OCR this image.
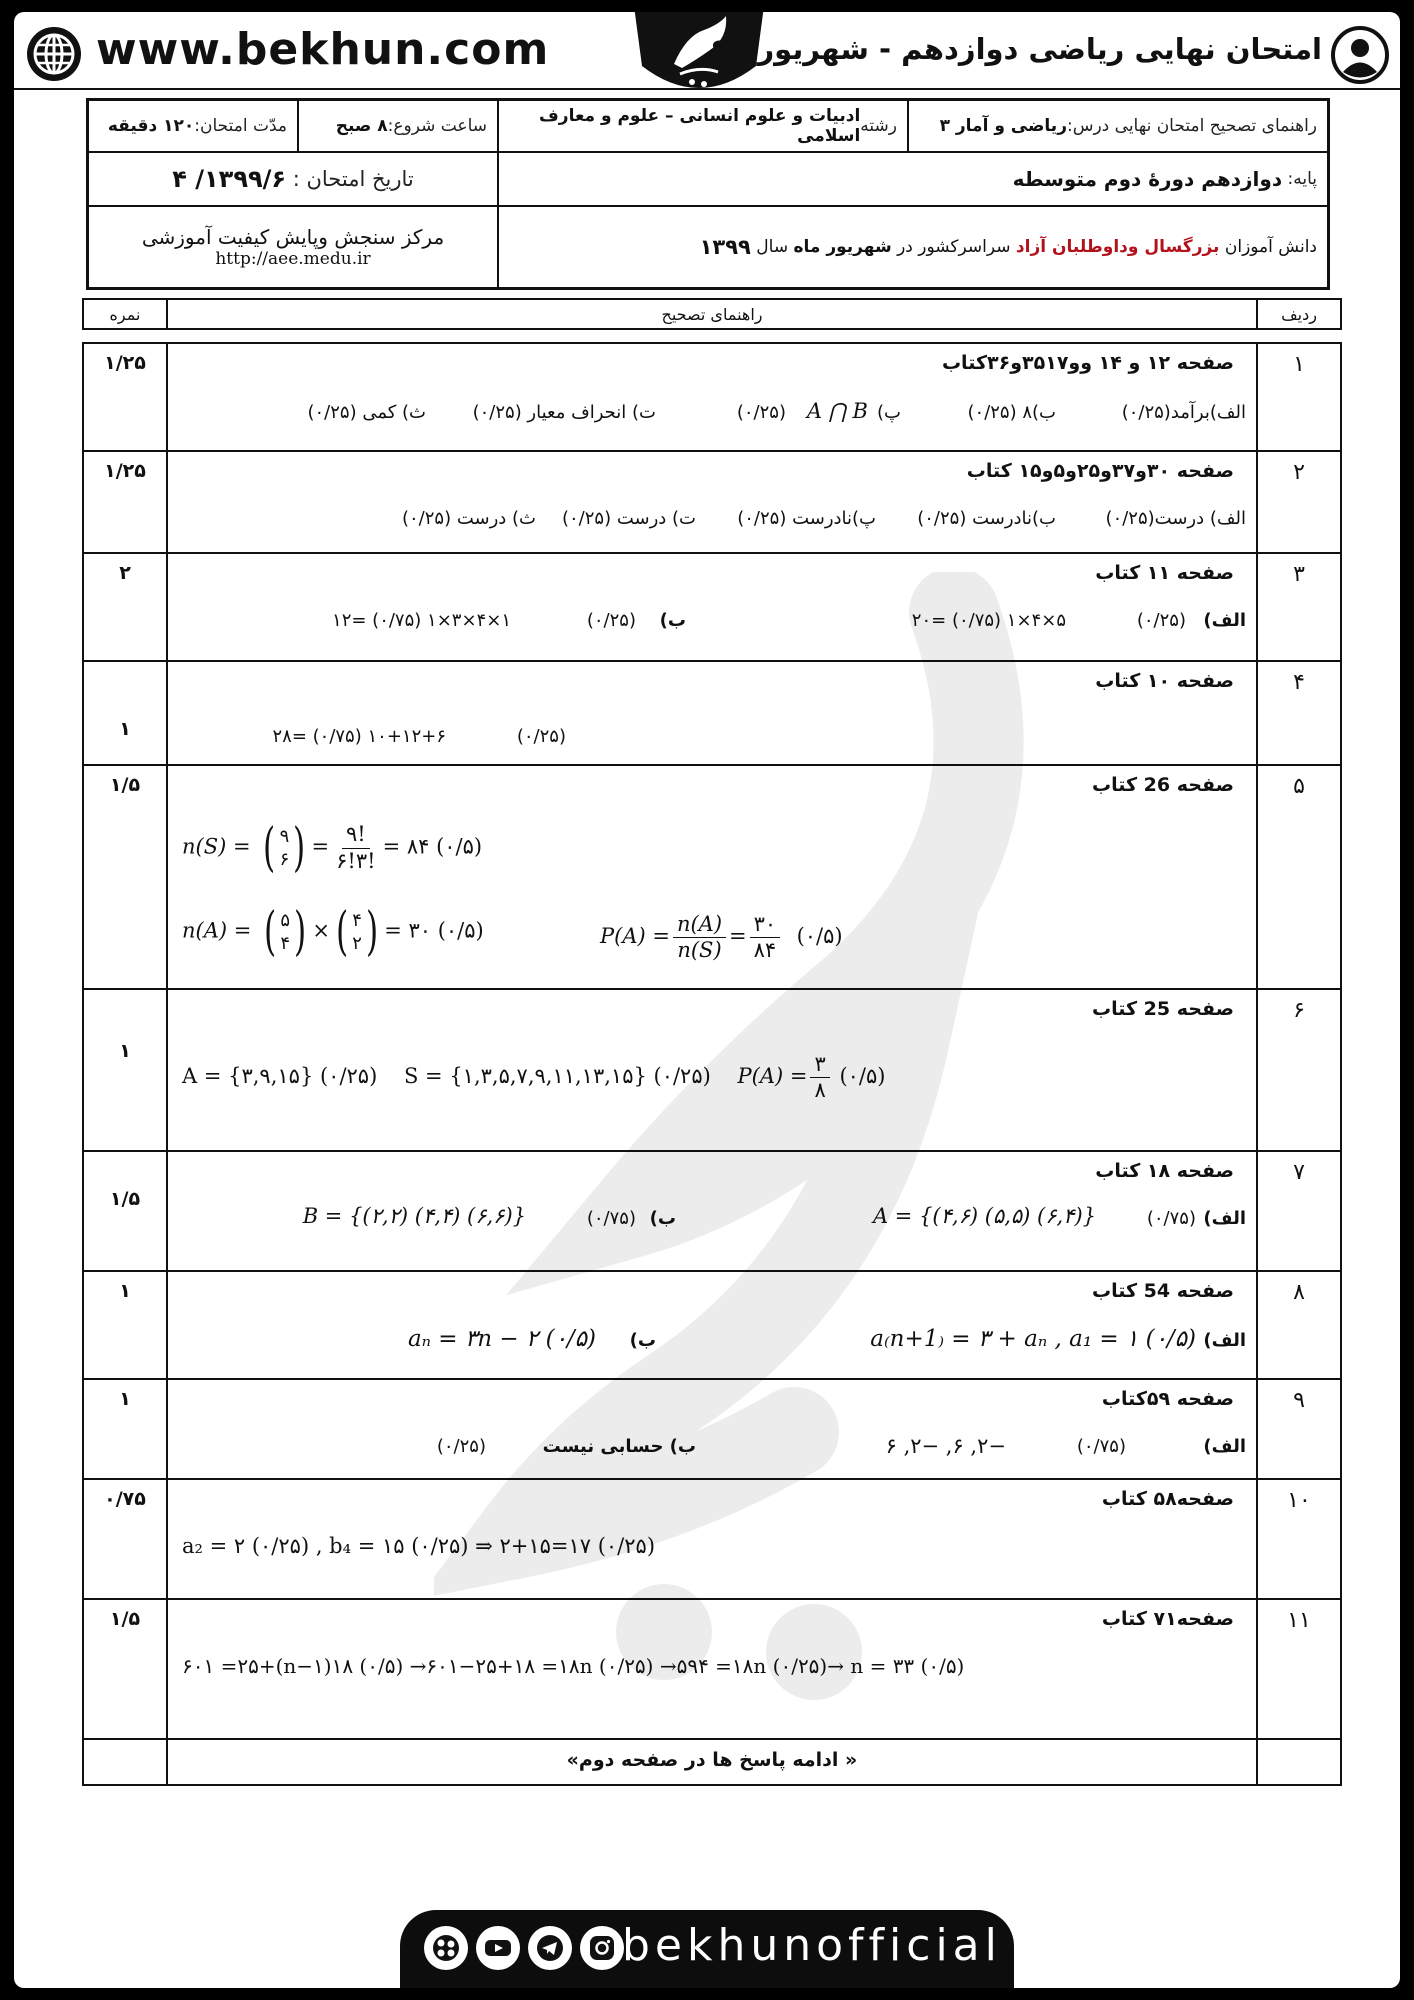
www.bekhun.com	امتحان نهایی ریاضی دوازدهم - شهریور ۹۹
راهنمای تصحیح امتحان نهایی درس:
ریاضی و آمار ۳
رشته
ادبیات و علوم انسانی – علوم و معارف اسلامی
ساعت شروع:
۸ صبح
مدّت امتحان:
۱۲۰ دقیقه
پایه:

دوازدهم دورهٔ دوم متوسطه
تاریخ امتحان :

۱۳۹۹/۶/ ۴
دانش آموزان

بزرگسال وداوطلبان آزاد

سراسرکشور در

شهریور ماه

سال

۱۳۹۹
مرکز سنجش وپایش کیفیت آموزشی
http://aee.medu.ir
ردیف
راهنمای تصحیح
نمره
۱
صفحه ۱۲ و ۱۴ وو۳۵۱۷و۳۶کتاب
الف)برآمد(۰/۲۵)
ب)۸ (۰/۲۵)
پ)
A ⋂ B
(۰/۲۵)
ت) انحراف معیار (۰/۲۵)
ث) کمی (۰/۲۵)
۱/۲۵
۲
صفحه ۳۰و۳۷و۲۵و۵و۱۵ کتاب
الف) درست(۰/۲۵)
ب)نادرست (۰/۲۵)
پ)نادرست (۰/۲۵)
ت) درست (۰/۲۵)
ث) درست (۰/۲۵)
۱/۲۵
۳
صفحه ۱۱ کتاب
الف)
(۰/۲۵)
۵×۴×۱ (۰/۷۵) =۲۰
ب)
(۰/۲۵)
۱×۴×۳×۱ (۰/۷۵) =۱۲
۲
۴
صفحه ۱۰ کتاب
(۰/۲۵)
۱۰+۱۲+۶ (۰/۷۵) =۲۸
۱
۵
صفحه 26 کتاب
n(S) = ( ۹
۶ ) = $\frac{۹!}{۶!۳!}$ = ۸۴ (۰/۵)
n(A) = ( ۵
۴ ) × ( ۴
۲ ) = ۳۰ (۰/۵)	$P(A) = \frac{n(A)}{n(S)} = \frac{۳۰}{۸۴}$ (۰/۵)
۱/۵
۶
صفحه 25 کتاب
A = {۳,۹,۱۵} (۰/۲۵) S = {۱,۳,۵,۷,۹,۱۱,۱۳,۱۵} (۰/۲۵) $P(A) = \frac{۳}{۸}$ (۰/۵)
۱
۷
صفحه ۱۸ کتاب
الف)
(۰/۷۵)
A = {(۴,۶) (۵,۵) (۶,۴)}
ب)
(۰/۷۵)
B = {(۲,۲) (۴,۴) (۶,۶)}
۱/۵
۸
صفحه 54 کتاب
الف)
a₍n+1₎ = ۳ + aₙ , a₁ = ۱ (۰/۵)
ب)
aₙ = ۳n − ۲ (۰/۵)
۱
۹
صفحه ۵۹کتاب
الف)
(۰/۷۵)
۶ ,۲− ,۶ ,۲−
ب) حسابی نیست
(۰/۲۵)
۱
۱۰
صفحه۵۸ کتاب
a₂ = ۲ (۰/۲۵) , b₄ = ۱۵ (۰/۲۵) ⇒ ۲+۱۵=۱۷ (۰/۲۵)
۰/۷۵
۱۱
صفحه۷۱ کتاب
۶۰۱ =۲۵+(n−۱)۱۸ (۰/۵) →۶۰۱−۲۵+۱۸ =۱۸n (۰/۲۵) →۵۹۴ =۱۸n (۰/۲۵)→ n = ۳۳ (۰/۵)
۱/۵
« ادامه پاسخ ها در صفحه دوم»
bekhunofficial
